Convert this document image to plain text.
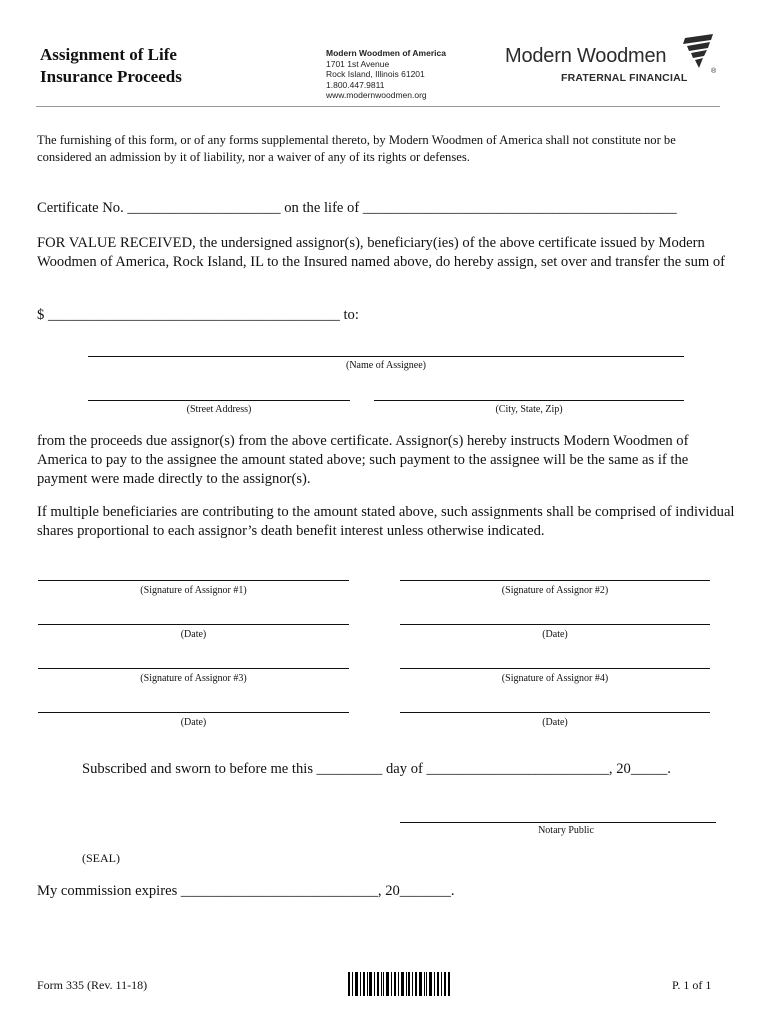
Assignment of Life
Insurance Proceeds
Modern Woodmen of America
1701 1st Avenue
Rock Island, Illinois 61201
1.800.447.9811
www.modernwoodmen.org
Modern Woodmen
FRATERNAL FINANCIAL
®
The furnishing of this form, or of any forms supplemental thereto, by Modern Woodmen of America shall not constitute nor be considered an admission by it of liability, nor a waiver of any of its rights or defenses.
Certificate No. _____________________ on the life of ___________________________________________
FOR VALUE RECEIVED, the undersigned assignor(s), beneficiary(ies) of the above certificate issued by Modern Woodmen of America, Rock Island, IL to the Insured named above, do hereby assign, set over and transfer the sum of
$ ________________________________________ to:
(Name of Assignee)
(Street Address)	(City, State, Zip)
from the proceeds due assignor(s) from the above certificate. Assignor(s) hereby instructs Modern Woodmen of America to pay to the assignee the amount stated above; such payment to the assignee will be the same as if the payment were made directly to the assignor(s).
If multiple beneficiaries are contributing to the amount stated above, such assignments shall be comprised of individual shares proportional to each assignor’s death benefit interest unless otherwise indicated.
(Signature of Assignor #1)	(Signature of Assignor #2)
(Date)	(Date)
(Signature of Assignor #3)	(Signature of Assignor #4)
(Date)	(Date)
Subscribed and sworn to before me this _________ day of _________________________, 20_____.
Notary Public
(SEAL)
My commission expires ___________________________, 20_______.
Form 335 (Rev. 11-18)	P. 1 of 1
